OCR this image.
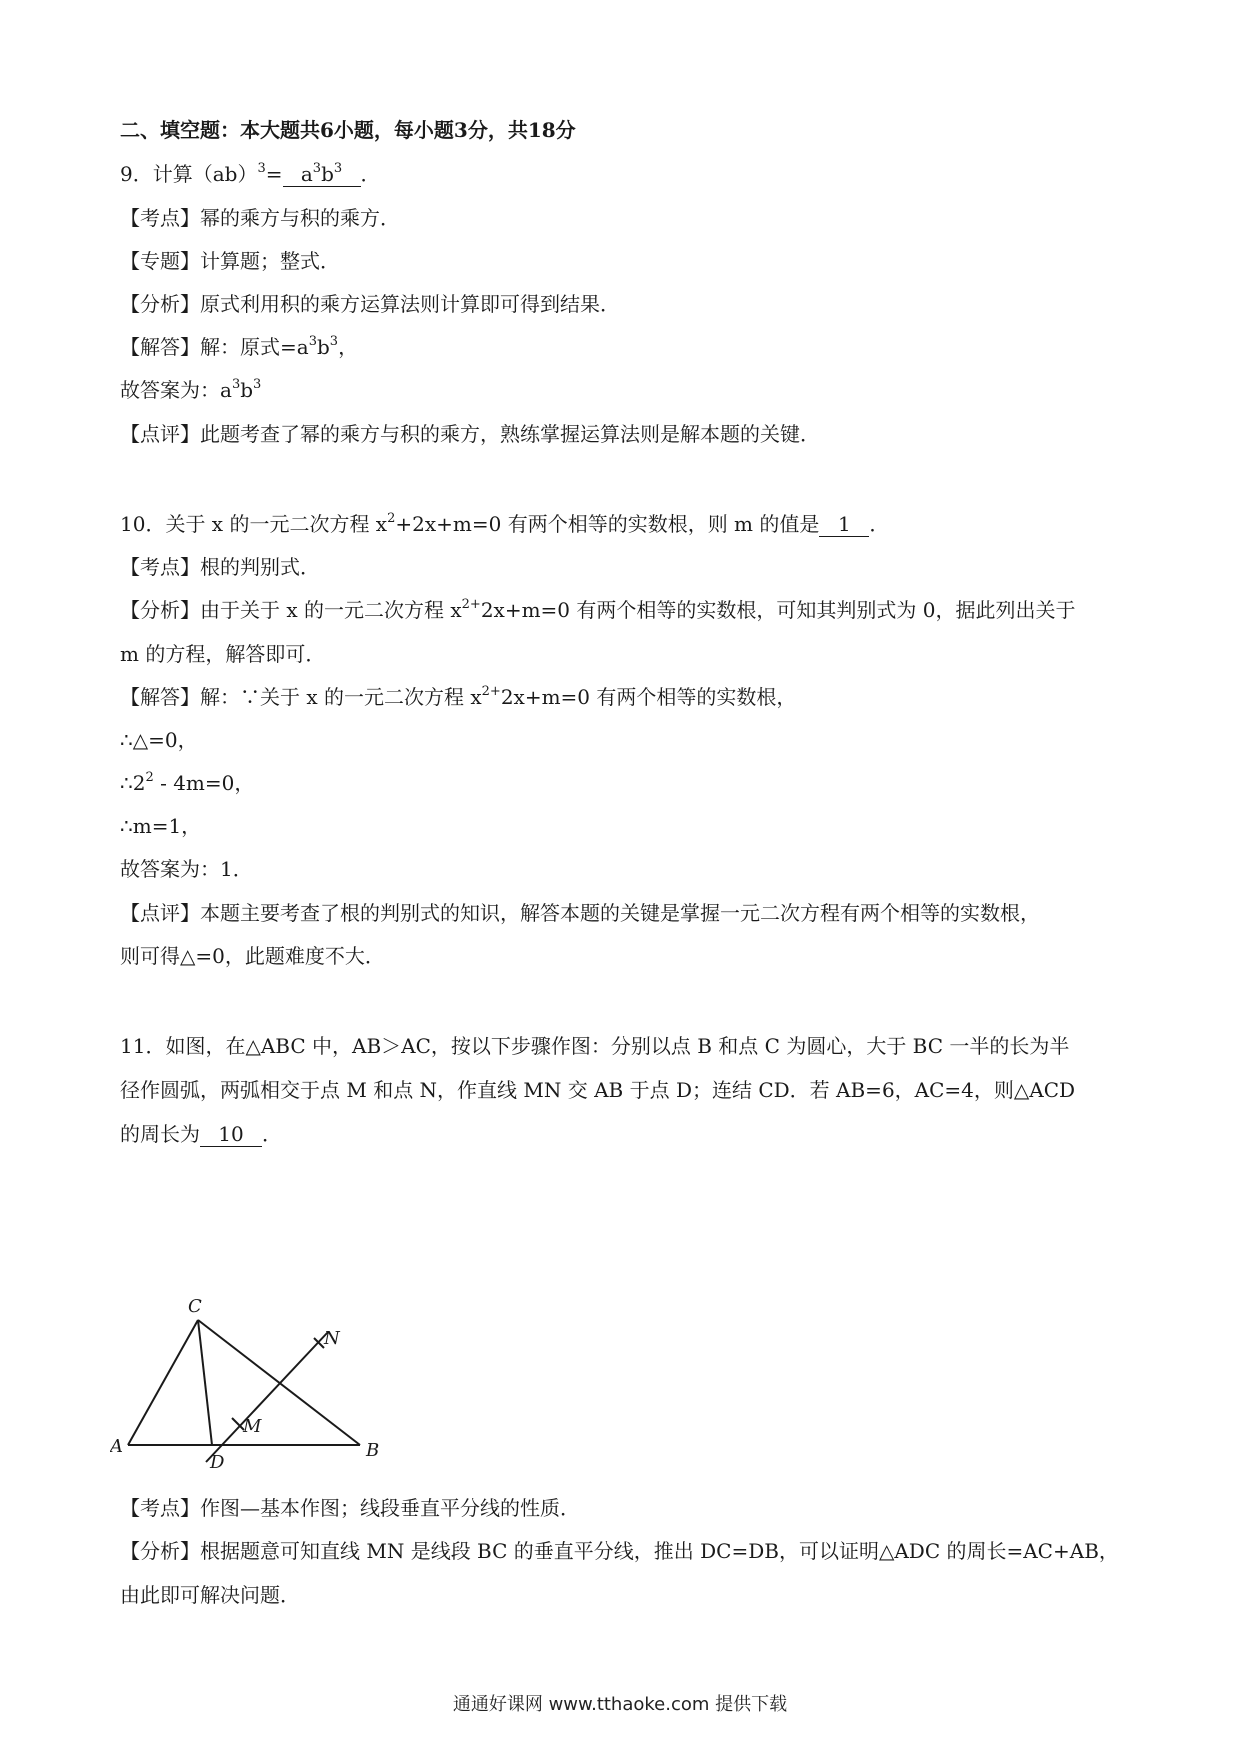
二、填空题：本大题共6小题，每小题3分，共18分
9．计算$(ab)^3= a^3b^3$ ．
【考点】幂的乘方与积的乘方．
【专题】计算题；整式．
【分析】原式利用积的乘方运算法则计算即可得到结果．
【解答】解：原式$=a^3b^3$，
故答案为：$a^3b^3$
【点评】此题考查了幂的乘方与积的乘方，熟练掌握运算法则是解本题的关键．
10．关于 x 的一元二次方程 $x^2+2x+m=0$ 有两个相等的实数根，则 m 的值是 1 ．
【考点】根的判别式．
【分析】由于关于 x 的一元二次方程 $x^{2+}2x+m=0$ 有两个相等的实数根，可知其判别式为 0，据此列出关于
m 的方程，解答即可．
【解答】解：∵关于 x 的一元二次方程 $x^{2+}2x+m=0$ 有两个相等的实数根，
∴△=0，
$\therefore 2^2 - 4m=0$，
∴m=1，
故答案为：1．
【点评】本题主要考查了根的判别式的知识，解答本题的关键是掌握一元二次方程有两个相等的实数根，
则可得△=0，此题难度不大．
11．如图，在△ABC 中，AB＞AC，按以下步骤作图：分别以点 B 和点 C 为圆心，大于 BC 一半的长为半
径作圆弧，两弧相交于点 M 和点 N，作直线 MN 交 AB 于点 D；连结 CD．若 AB=6，AC=4，则△ACD
的周长为 10 ．
A	B
C
D
M
N
【考点】作图—基本作图；线段垂直平分线的性质．
【分析】根据题意可知直线 MN 是线段 BC 的垂直平分线，推出 DC=DB，可以证明△ADC 的周长=AC+AB，
由此即可解决问题．
通通好课网 www.tthaoke.com 提供下载
